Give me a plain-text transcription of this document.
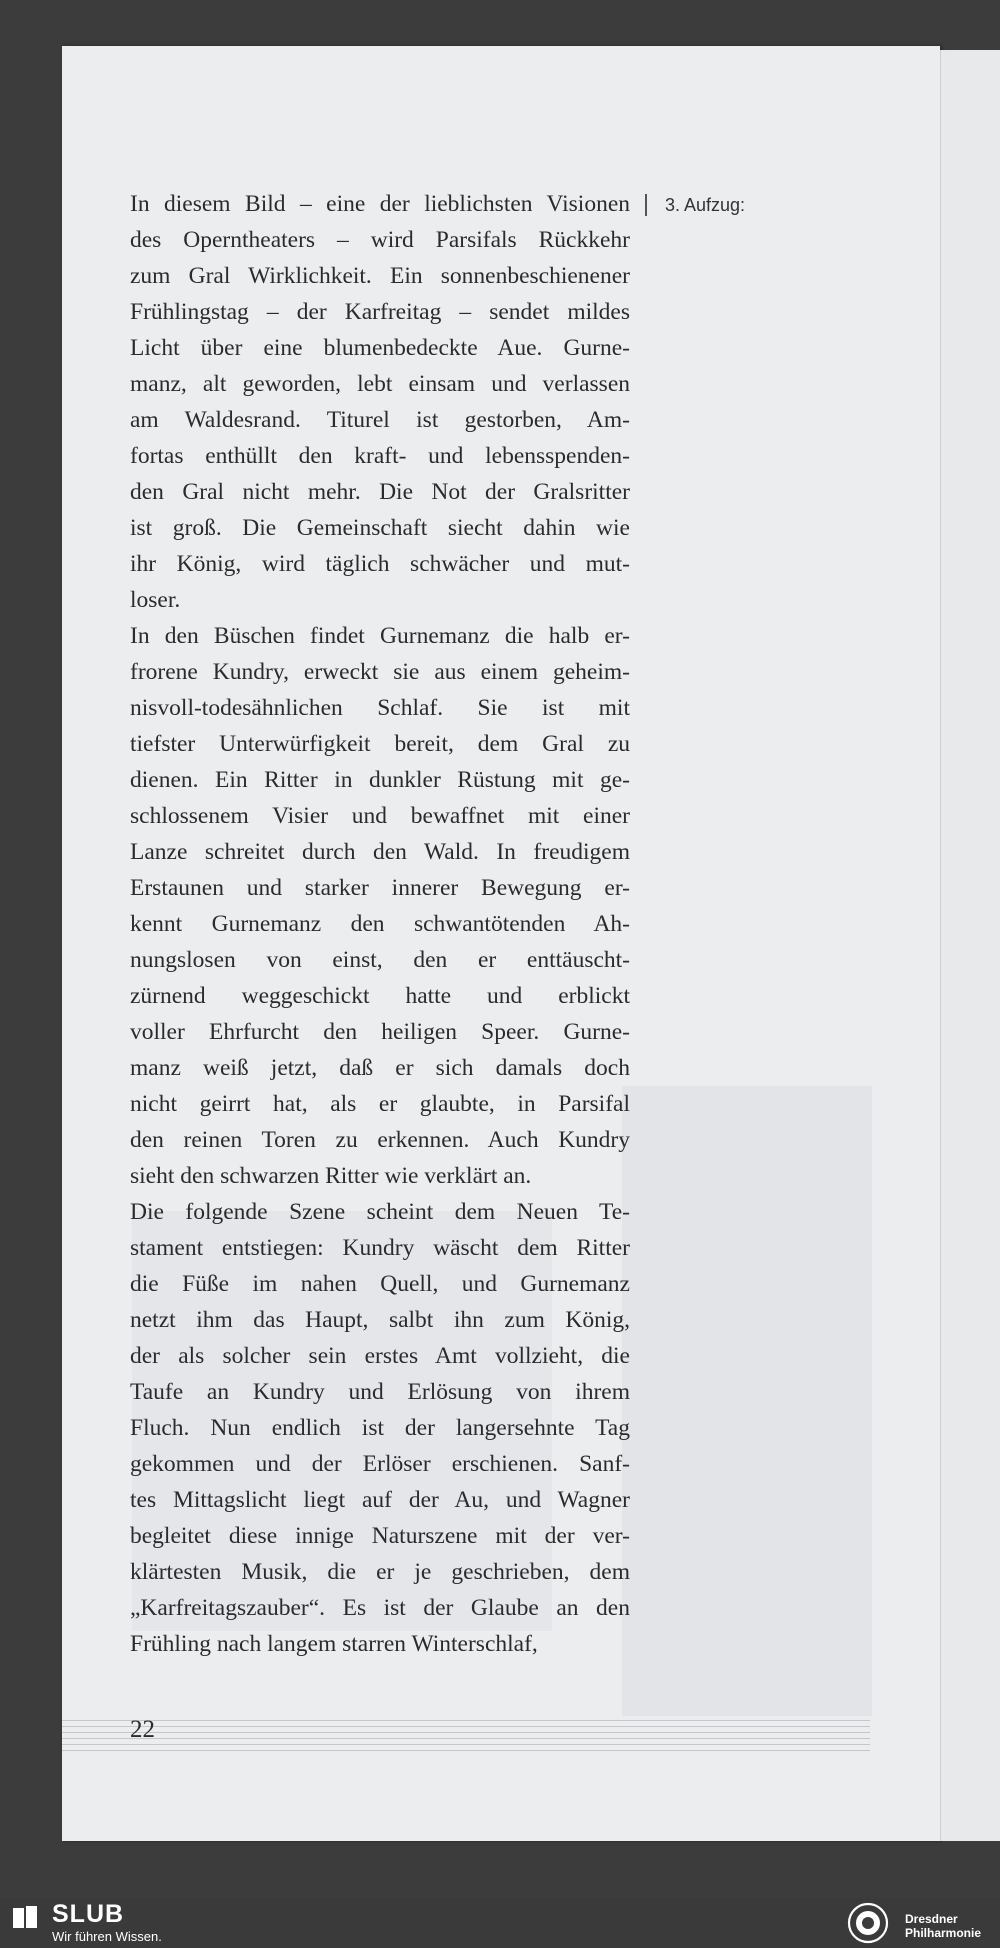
3. Aufzug:

In diesem Bild – eine der lieblichsten Visionen
des Operntheaters – wird Parsifals Rückkehr
zum Gral Wirklichkeit. Ein sonnenbeschienener
Frühlingstag – der Karfreitag – sendet mildes
Licht über eine blumenbedeckte Aue. Gurne-
manz, alt geworden, lebt einsam und verlassen
am Waldesrand. Titurel ist gestorben, Am-
fortas enthüllt den kraft- und lebensspenden-
den Gral nicht mehr. Die Not der Gralsritter
ist groß. Die Gemeinschaft siecht dahin wie
ihr König, wird täglich schwächer und mut-
loser.

In den Büschen findet Gurnemanz die halb er-
frorene Kundry, erweckt sie aus einem geheim-
nisvoll-todesähnlichen Schlaf. Sie ist mit
tiefster Unterwürfigkeit bereit, dem Gral zu
dienen. Ein Ritter in dunkler Rüstung mit ge-
schlossenem Visier und bewaffnet mit einer
Lanze schreitet durch den Wald. In freudigem
Erstaunen und starker innerer Bewegung er-
kennt Gurnemanz den schwantötenden Ah-
nungslosen von einst, den er enttäuscht-
zürnend weggeschickt hatte und erblickt
voller Ehrfurcht den heiligen Speer. Gurne-
manz weiß jetzt, daß er sich damals doch
nicht geirrt hat, als er glaubte, in Parsifal
den reinen Toren zu erkennen. Auch Kundry
sieht den schwarzen Ritter wie verklärt an.

Die folgende Szene scheint dem Neuen Te-
stament entstiegen: Kundry wäscht dem Ritter
die Füße im nahen Quell, und Gurnemanz
netzt ihm das Haupt, salbt ihn zum König,
der als solcher sein erstes Amt vollzieht, die
Taufe an Kundry und Erlösung von ihrem
Fluch. Nun endlich ist der langersehnte Tag
gekommen und der Erlöser erschienen. Sanf-
tes Mittagslicht liegt auf der Au, und Wagner
begleitet diese innige Naturszene mit der ver-
klärtesten Musik, die er je geschrieben, dem
„Karfreitagszauber“. Es ist der Glaube an den
Frühling nach langem starren Winterschlaf,

22
SLUB
Wir führen Wissen.
Dresdner
Philharmonie
